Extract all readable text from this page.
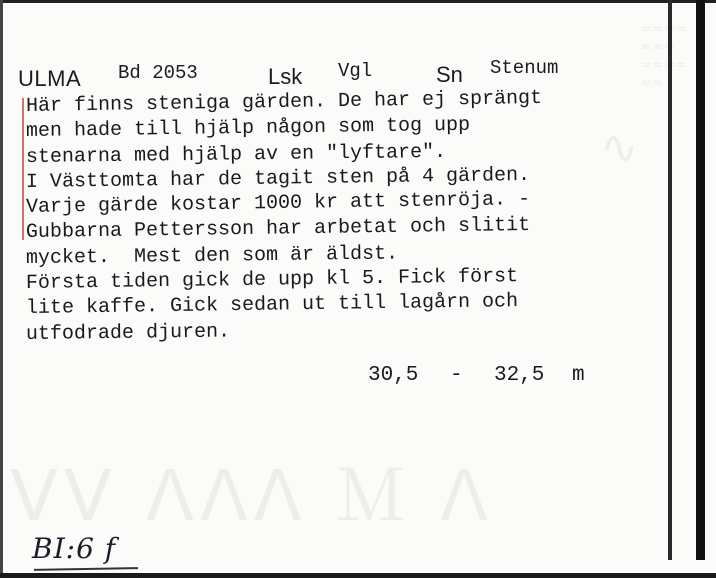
ᐯᐯ ᐱᐱᐱ Ｍ ᐱ
∿
≈≈≈≈ ≈≈≈ ≈≈≈≈ ≈≈
ULMA Bd 2053	Lsk Vgl	Sn Stenum
Här finns steniga gärden. De har ej sprängt
men hade till hjälp någon som tog upp
stenarna med hjälp av en "lyftare".
I Västtomta har de tagit sten på 4 gärden.
Varje gärde kostar 1000 kr att stenröja. -
Gubbarna Pettersson har arbetat och slitit
mycket.  Mest den som är äldst.
Första tiden gick de upp kl 5. Fick först
lite kaffe. Gick sedan ut till lagårn och
utfodrade djuren.
30,5 - 32,5 m
BI:6 f
